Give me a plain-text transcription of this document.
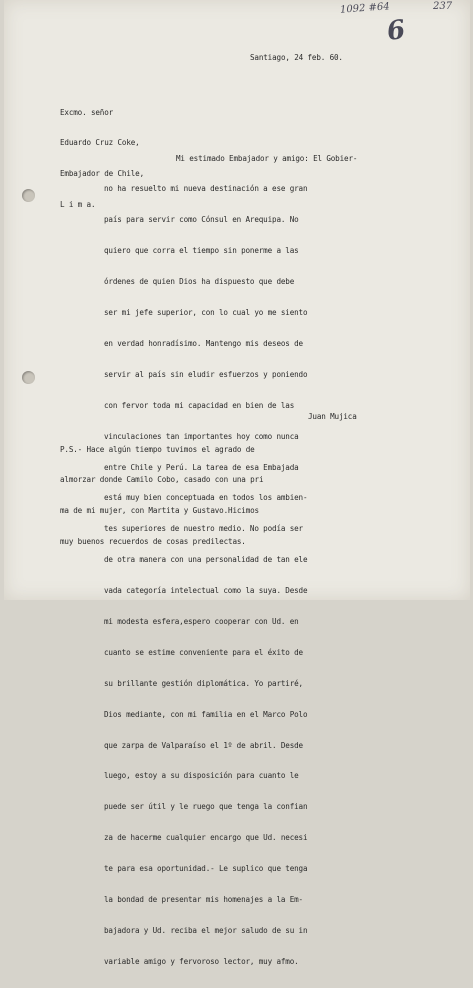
1092 #64	237
6
Santiago, 24 feb. 60.

Excmo. señor

Eduardo Cruz Coke,

Embajador de Chile,

L i m a.

Mi estimado Embajador y amigo: El Gobier-

no ha resuelto mi nueva destinación a ese gran

país para servir como Cónsul en Arequipa. No

quiero que corra el tiempo sin ponerme a las

órdenes de quien Dios ha dispuesto que debe

ser mi jefe superior, con lo cual yo me siento

en verdad honradísimo. Mantengo mis deseos de

servir al país sin eludir esfuerzos y poniendo

con fervor toda mi capacidad en bien de las

vinculaciones tan importantes hoy como nunca

entre Chile y Perú. La tarea de esa Embajada

está muy bien conceptuada en todos los ambien-

tes superiores de nuestro medio. No podía ser

de otra manera con una personalidad de tan ele

vada categoría intelectual como la suya. Desde

mi modesta esfera,espero cooperar con Ud. en

cuanto se estime conveniente para el éxito de

su brillante gestión diplomática. Yo partiré,

Dios mediante, con mi familia en el Marco Polo

que zarpa de Valparaíso el 1º de abril. Desde

luego, estoy a su disposición para cuanto le

puede ser útil y le ruego que tenga la confian

za de hacerme cualquier encargo que Ud. necesi

te para esa oportunidad.- Le suplico que tenga

la bondad de presentar mis homenajes a la Em-

bajadora y Ud. reciba el mejor saludo de su in

variable amigo y fervoroso lector, muy afmo.

Juan Mujica

P.S.- Hace algún tiempo tuvimos el agrado de

almorzar donde Camilo Cobo, casado con una pri

ma de mi mujer, con Martita y Gustavo.Hicimos

muy buenos recuerdos de cosas predilectas.
